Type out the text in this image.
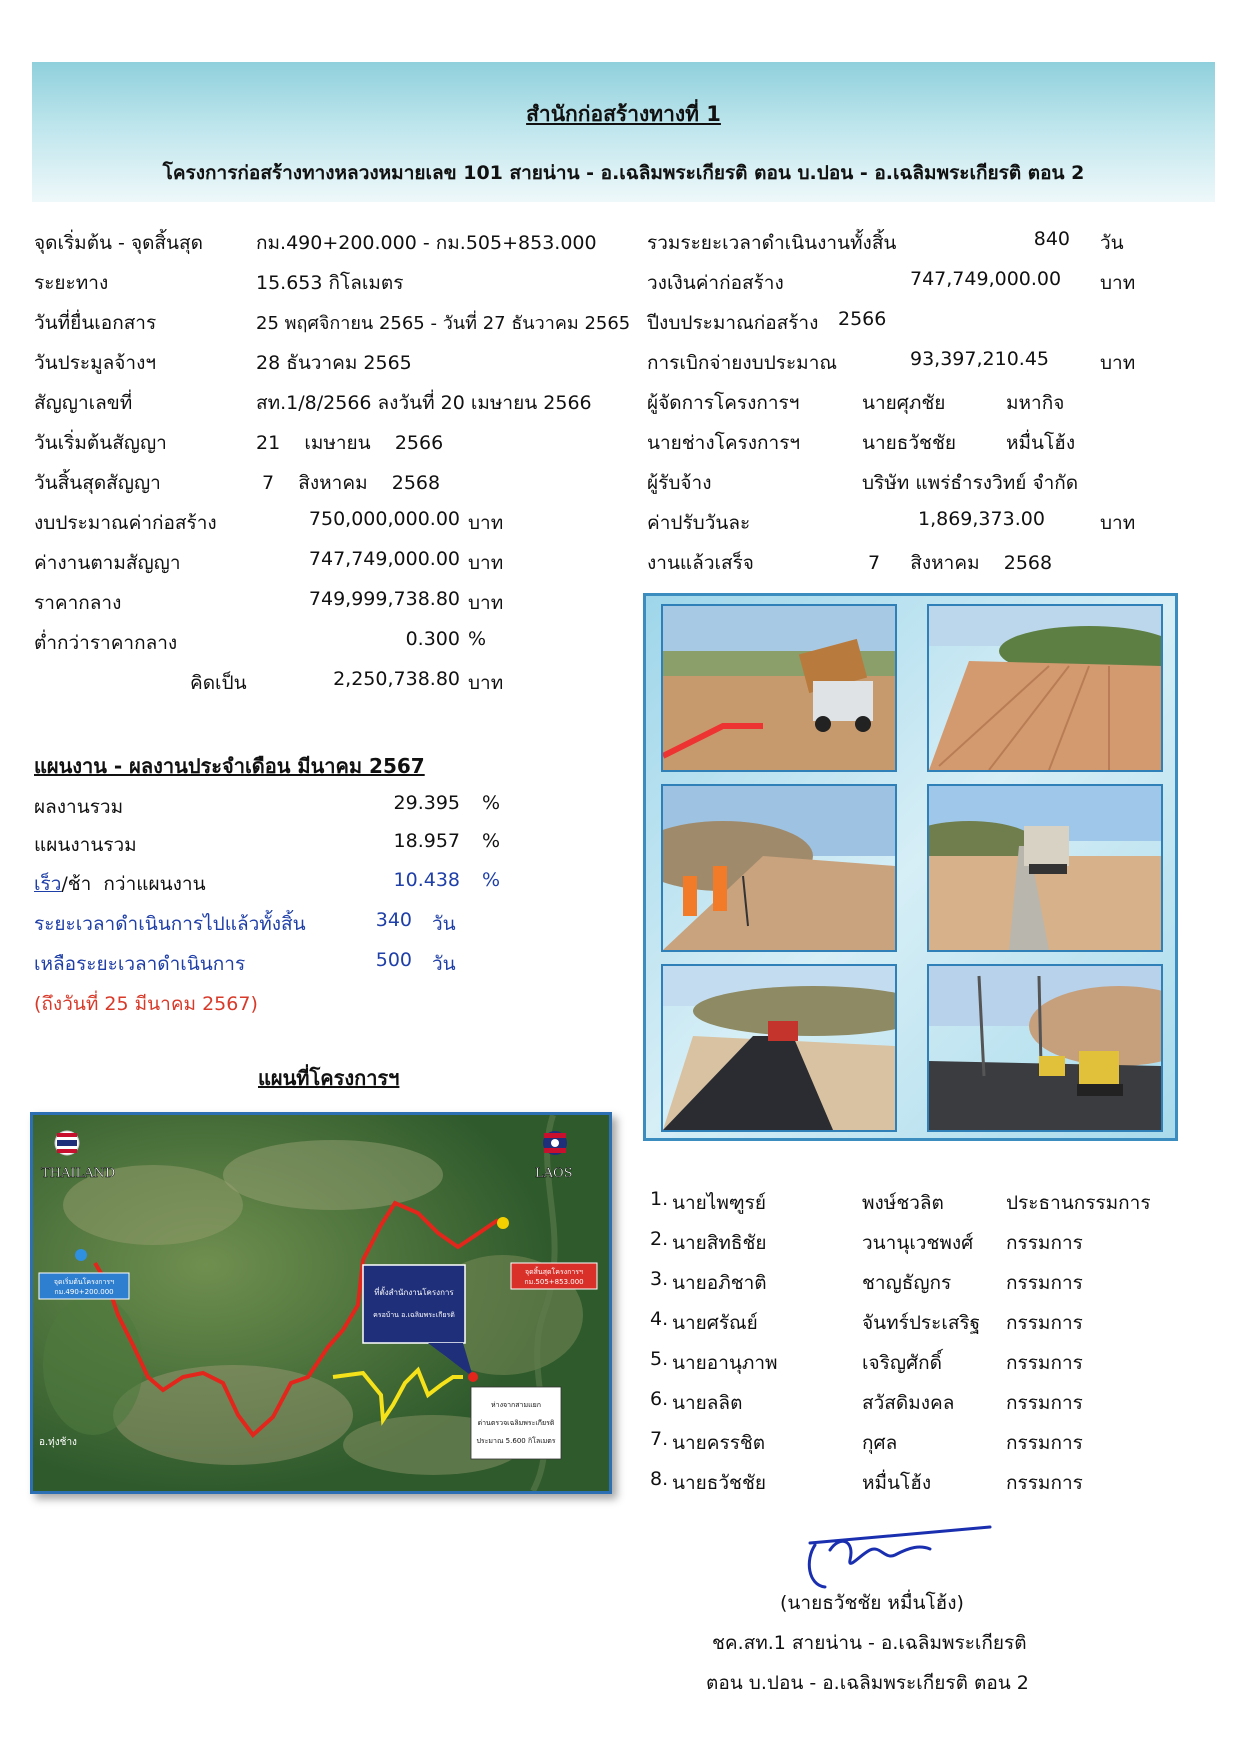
สำนักก่อสร้างทางที่ 1
โครงการก่อสร้างทางหลวงหมายเลข 101 สายน่าน - อ.เฉลิมพระเกียรติ ตอน บ.ปอน - อ.เฉลิมพระเกียรติ ตอน 2
จุดเริ่มต้น - จุดสิ้นสุด	กม.490+200.000 - กม.505+853.000
ระยะทาง	15.653 กิโลเมตร
วันที่ยื่นเอกสาร	25 พฤศจิกายน 2565 - วันที่ 27 ธันวาคม 2565
วันประมูลจ้างฯ	28 ธันวาคม 2565
สัญญาเลขที่	สท.1/8/2566 ลงวันที่ 20 เมษายน 2566
วันเริ่มต้นสัญญา	21    เมษายน    2566
วันสิ้นสุดสัญญา	7    สิงหาคม    2568
งบประมาณค่าก่อสร้าง	750,000,000.00 บาท
ค่างานตามสัญญา	747,749,000.00 บาท
ราคากลาง	749,999,738.80 บาท
ต่ำกว่าราคากลาง	0.300 %
คิดเป็น	2,250,738.80 บาท
รวมระยะเวลาดำเนินงานทั้งสิ้น	840 วัน
วงเงินค่าก่อสร้าง	747,749,000.00 บาท
ปีงบประมาณก่อสร้าง 2566
การเบิกจ่ายงบประมาณ	93,397,210.45	บาท
ผู้จัดการโครงการฯ	นายศุภชัย	มหากิจ
นายช่างโครงการฯ	นายธวัชชัย	หมื่นโฮ้ง
ผู้รับจ้าง	บริษัท แพร่ธำรงวิทย์ จำกัด
ค่าปรับวันละ	1,869,373.00	บาท
งานแล้วเสร็จ	7     สิงหาคม    2568
แผนงาน - ผลงานประจำเดือน มีนาคม 2567
ผลงานรวม	29.395 %
แผนงานรวม	18.957 %
เร็ว/ช้า  กว่าแผนงาน	10.438 %
ระยะเวลาดำเนินการไปแล้วทั้งสิ้น	340 วัน
เหลือระยะเวลาดำเนินการ	500 วัน
(ถึงวันที่ 25 มีนาคม 2567)
แผนที่โครงการฯ
จุดเริ่มต้นโครงการฯ
กม.490+200.000
จุดสิ้นสุดโครงการฯ
กม.505+853.000
ที่ตั้งสำนักงานโครงการ
ครอบ้าน อ.เฉลิมพระเกียรติ
ห่างจากสามแยก
ด่านตรวจเฉลิมพระเกียรติ
ประมาณ 5.600 กิโลเมตร
THAILAND	LAOS
อ.ทุ่งช้าง
1. นายไพฑูรย์	พงษ์ชวลิต	ประธานกรรมการ
2. นายสิทธิชัย	วนานุเวชพงศ์ กรรมการ
3. นายอภิชาติ	ชาญธัญกร	กรรมการ
4. นายศรัณย์	จันทร์ประเสริฐ กรรมการ
5. นายอานุภาพ	เจริญศักดิ์	กรรมการ
6. นายลลิต	สวัสดิมงคล	กรรมการ
7. นายครรชิต	กุศล	กรรมการ
8. นายธวัชชัย	หมื่นโฮ้ง	กรรมการ
(นายธวัชชัย หมื่นโฮ้ง)
ชค.สท.1 สายน่าน - อ.เฉลิมพระเกียรติ
ตอน บ.ปอน - อ.เฉลิมพระเกียรติ ตอน 2
